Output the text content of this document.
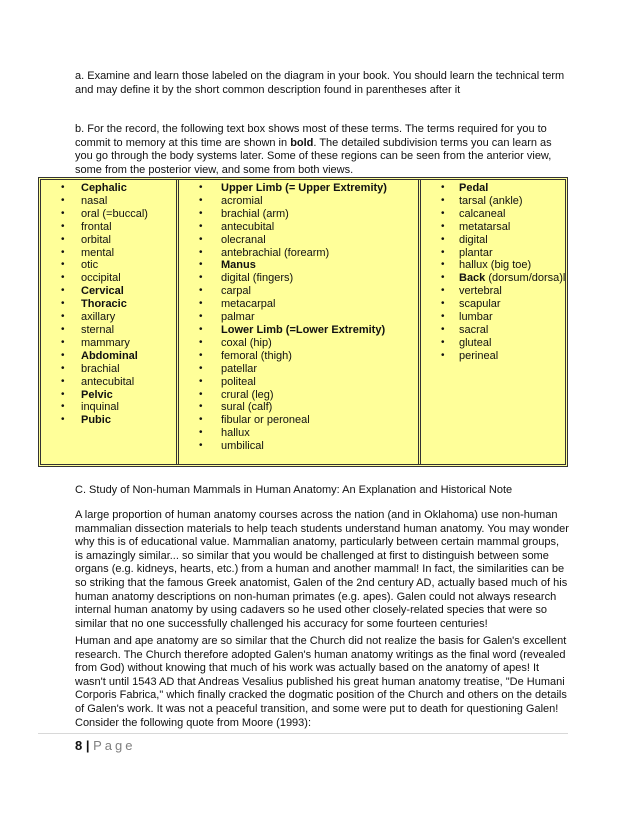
a. Examine and learn those labeled on the diagram in your book. You should learn the technical term and may define it by the short common description found in parentheses after it

b. For the record, the following text box shows most of these terms. The terms required for you to commit to memory at this time are shown in bold. The detailed subdivision terms you can learn as you go through the body systems later. Some of these regions can be seen from the anterior view, some from the posterior view, and some from both views.

• Cephalic
• nasal
• oral (=buccal)
• frontal
• orbital
• mental
• otic
• occipital
• Cervical
• Thoracic
• axillary
• sternal
• mammary
• Abdominal
• brachial
• antecubital
• Pelvic
• inquinal
• Pubic
• Upper Limb (= Upper Extremity)
• acromial
• brachial (arm)
• antecubital
• olecranal
• antebrachial (forearm)
• Manus
• digital (fingers)
• carpal
• metacarpal
• palmar
• Lower Limb (=Lower Extremity)
• coxal (hip)
• femoral (thigh)
• patellar
• politeal
• crural (leg)
• sural (calf)
• fibular or peroneal
• hallux
• umbilical
• Pedal
• tarsal (ankle)
• calcaneal
• metatarsal
• digital
• plantar
• hallux (big toe)
• Back (dorsum/dorsa)l
• vertebral
• scapular
• lumbar
• sacral
• gluteal
• perineal

C. Study of Non-human Mammals in Human Anatomy: An Explanation and Historical Note

A large proportion of human anatomy courses across the nation (and in Oklahoma) use non-human mammalian dissection materials to help teach students understand human anatomy. You may wonder why this is of educational value. Mammalian anatomy, particularly between certain mammal groups, is amazingly similar... so similar that you would be challenged at first to distinguish between some organs (e.g. kidneys, hearts, etc.) from a human and another mammal! In fact, the similarities can be so striking that the famous Greek anatomist, Galen of the 2nd century AD, actually based much of his human anatomy descriptions on non-human primates (e.g. apes). Galen could not always research internal human anatomy by using cadavers so he used other closely-related species that were so similar that no one successfully challenged his accuracy for some fourteen centuries!

Human and ape anatomy are so similar that the Church did not realize the basis for Galen's excellent research. The Church therefore adopted Galen's human anatomy writings as the final word (revealed from God) without knowing that much of his work was actually based on the anatomy of apes! It wasn't until 1543 AD that Andreas Vesalius published his great human anatomy treatise, "De Humani Corporis Fabrica," which finally cracked the dogmatic position of the Church and others on the details of Galen's work. It was not a peaceful transition, and some were put to death for questioning Galen! Consider the following quote from Moore (1993):

8 | Page
